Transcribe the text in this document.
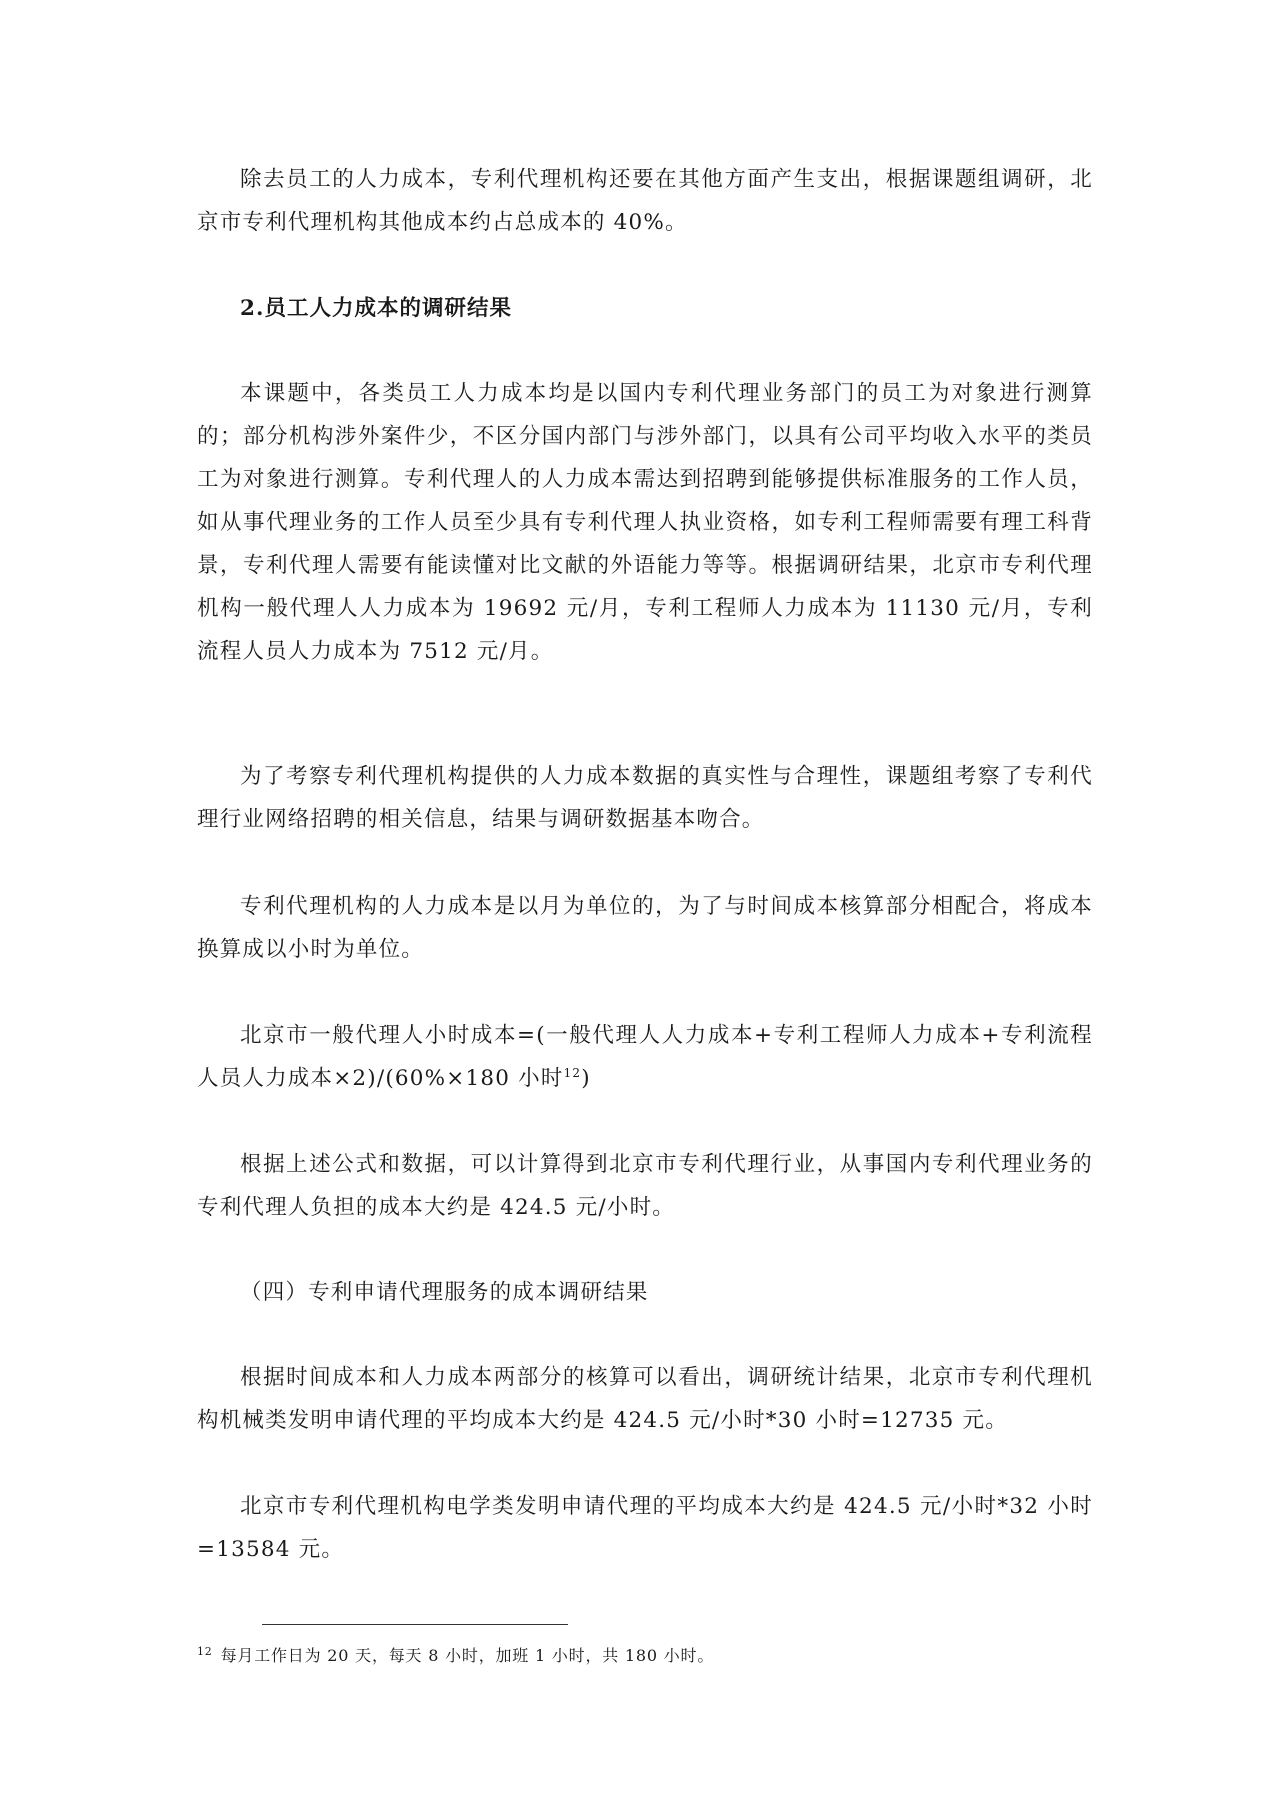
除去员工的人力成本，专利代理机构还要在其他方面产生支出，根据课题组调研，北京市专利代理机构其他成本约占总成本的 40%。

2.员工人力成本的调研结果

本课题中，各类员工人力成本均是以国内专利代理业务部门的员工为对象进行测算的；部分机构涉外案件少，不区分国内部门与涉外部门，以具有公司平均收入水平的类员工为对象进行测算。专利代理人的人力成本需达到招聘到能够提供标准服务的工作人员，如从事代理业务的工作人员至少具有专利代理人执业资格，如专利工程师需要有理工科背景，专利代理人需要有能读懂对比文献的外语能力等等。根据调研结果，北京市专利代理机构一般代理人人力成本为 19692 元/月，专利工程师人力成本为 11130 元/月，专利流程人员人力成本为 7512 元/月。

为了考察专利代理机构提供的人力成本数据的真实性与合理性，课题组考察了专利代理行业网络招聘的相关信息，结果与调研数据基本吻合。

专利代理机构的人力成本是以月为单位的，为了与时间成本核算部分相配合，将成本换算成以小时为单位。

北京市一般代理人小时成本=(一般代理人人力成本+专利工程师人力成本+专利流程人员人力成本×2)/(60%×180 小时$^{12}$)

根据上述公式和数据，可以计算得到北京市专利代理行业，从事国内专利代理业务的专利代理人负担的成本大约是 424.5 元/小时。

（四）专利申请代理服务的成本调研结果

根据时间成本和人力成本两部分的核算可以看出，调研统计结果，北京市专利代理机构机械类发明申请代理的平均成本大约是 424.5 元/小时*30 小时=12735 元。

北京市专利代理机构电学类发明申请代理的平均成本大约是 424.5 元/小时*32 小时=13584 元。

$^{12}$ 每月工作日为 20 天，每天 8 小时，加班 1 小时，共 180 小时。
